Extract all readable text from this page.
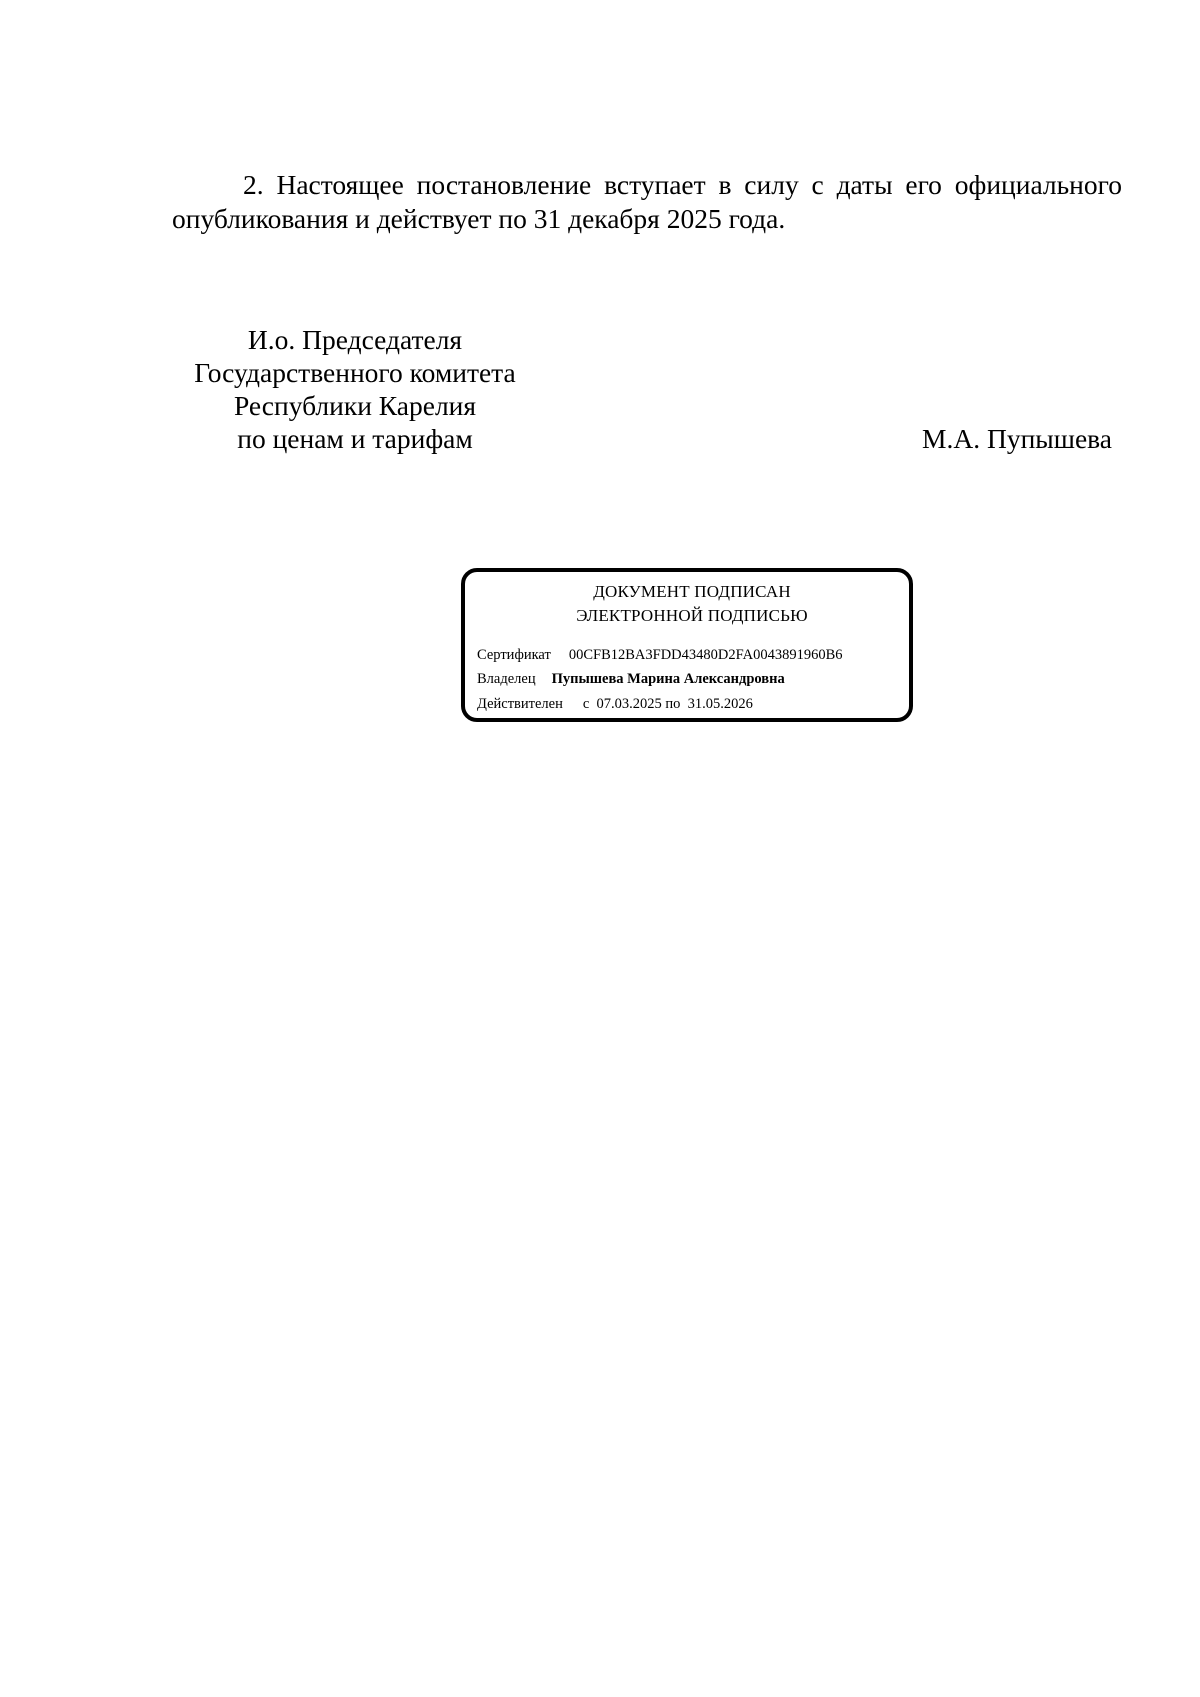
2. Настоящее постановление вступает в силу с даты его официального опубликования и действует по 31 декабря 2025 года.
И.о. Председателя
Государственного комитета
Республики Карелия
по ценам и тарифам	М.А. Пупышева
ДОКУМЕНТ ПОДПИСАН
ЭЛЕКТРОННОЙ ПОДПИСЬЮ
Сертификат 00CFB12BA3FDD43480D2FA0043891960B6
Владелец Пупышева Марина Александровна
Действителен с  07.03.2025 по  31.05.2026
